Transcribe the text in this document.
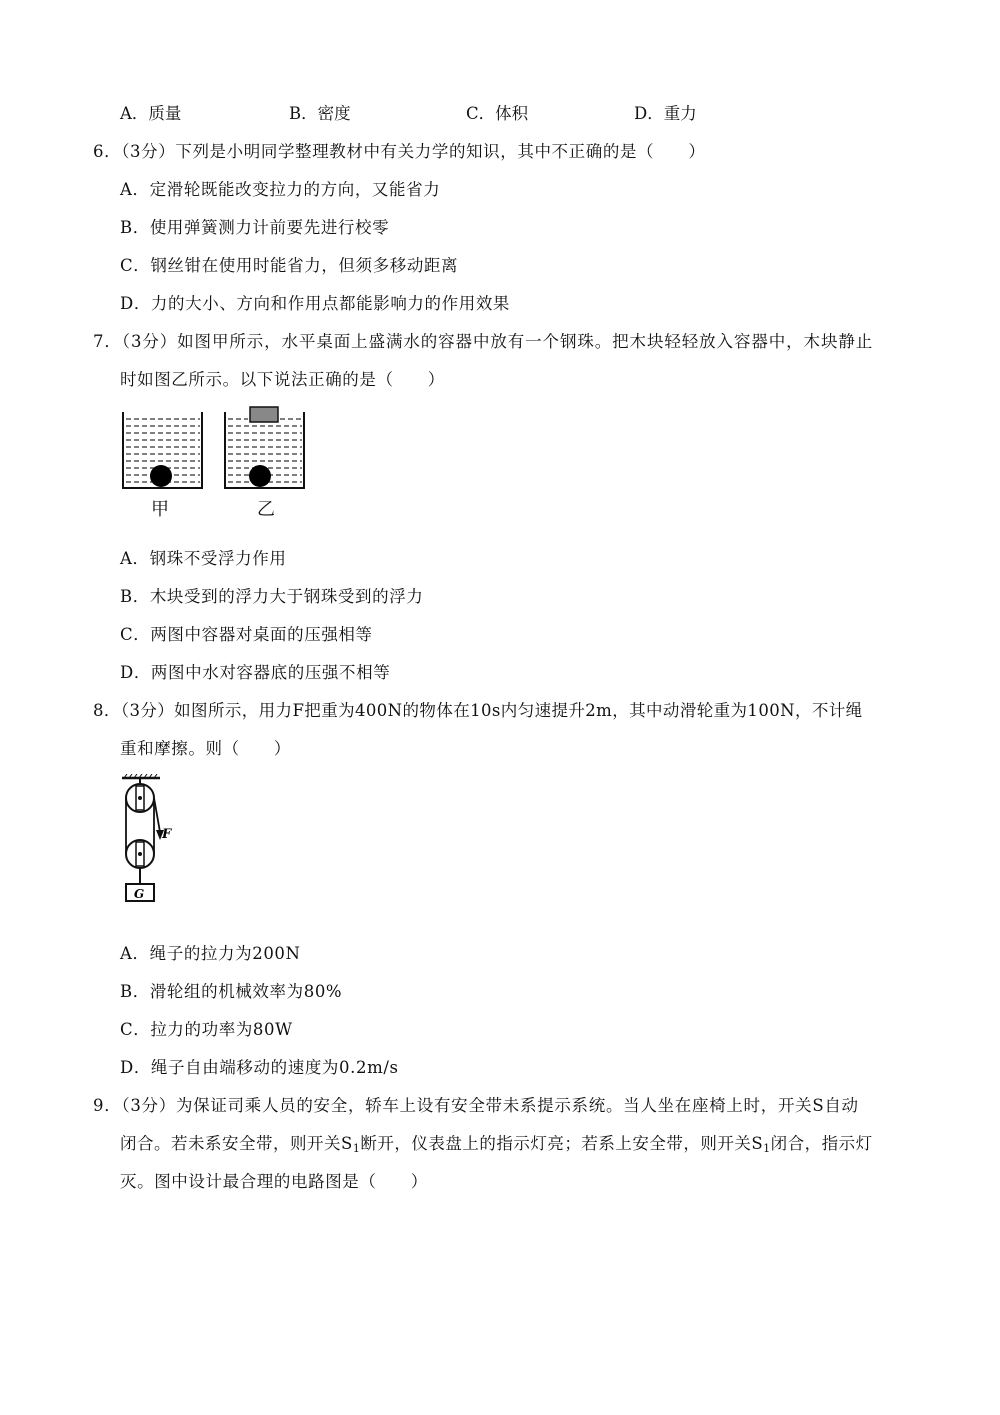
A．质量	B．密度	C．体积	D．重力
6．（3分）下列是小明同学整理教材中有关力学的知识，其中不正确的是（　　）
A．定滑轮既能改变拉力的方向，又能省力
B．使用弹簧测力计前要先进行校零
C．钢丝钳在使用时能省力，但须多移动距离
D．力的大小、方向和作用点都能影响力的作用效果
7．（3分）如图甲所示，水平桌面上盛满水的容器中放有一个钢珠。把木块轻轻放入容器中，木块静止
时如图乙所示。以下说法正确的是（　　）
甲	乙
A．钢珠不受浮力作用
B．木块受到的浮力大于钢珠受到的浮力
C．两图中容器对桌面的压强相等
D．两图中水对容器底的压强不相等
8．（3分）如图所示，用力F把重为400N的物体在10s内匀速提升2m，其中动滑轮重为100N，不计绳
重和摩擦。则（　　）
F
G
A．绳子的拉力为200N
B．滑轮组的机械效率为80%
C．拉力的功率为80W
D．绳子自由端移动的速度为0.2m/s
9．（3分）为保证司乘人员的安全，轿车上设有安全带未系提示系统。当人坐在座椅上时，开关S自动
闭合。若未系安全带，则开关$S_1$断开，仪表盘上的指示灯亮；若系上安全带，则开关$S_1$闭合，指示灯
灭。图中设计最合理的电路图是（　　）
